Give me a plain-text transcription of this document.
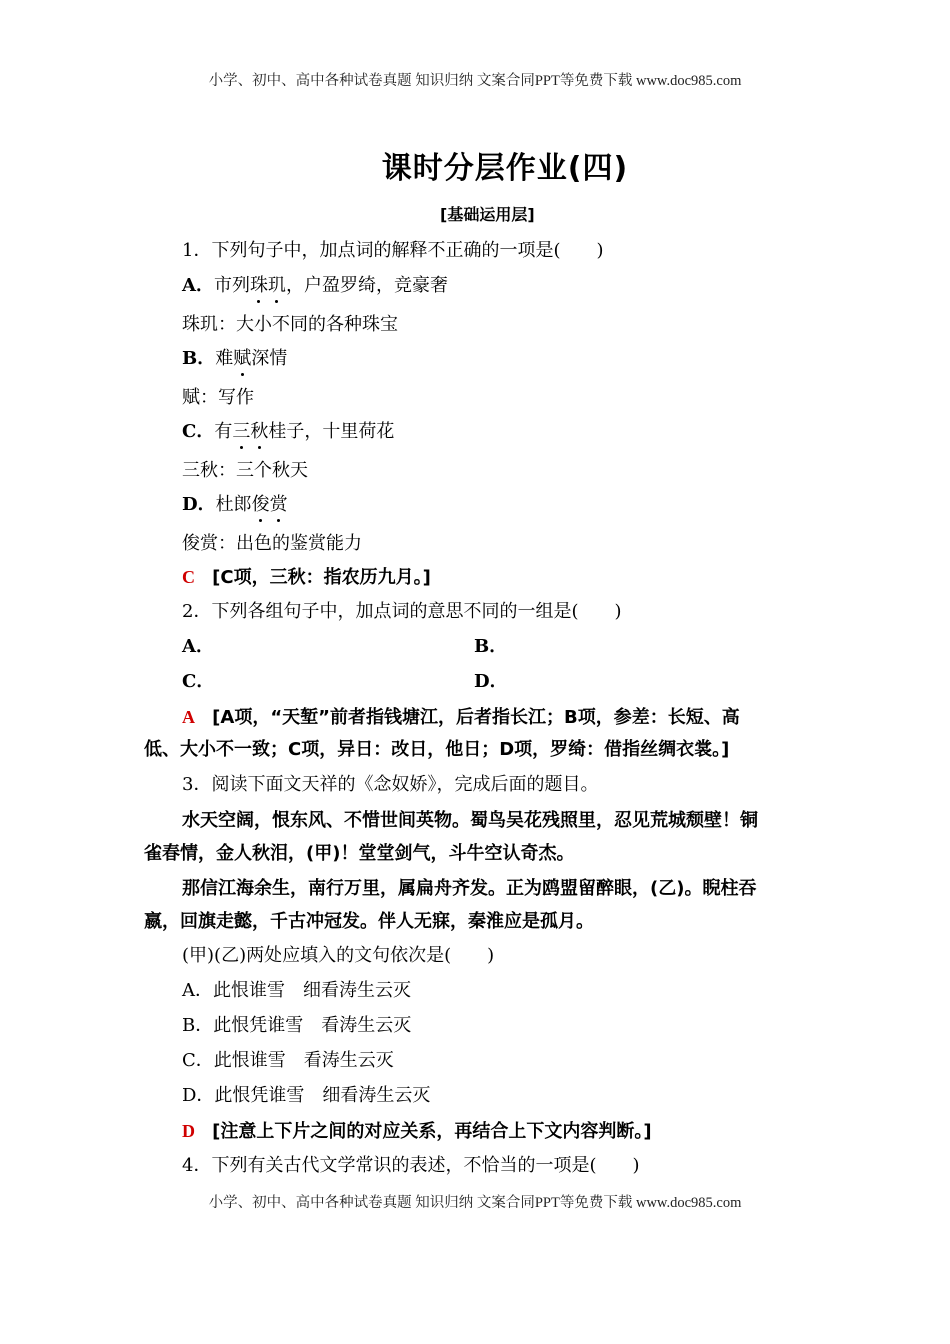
小学、初中、高中各种试卷真题 知识归纳 文案合同PPT等免费下载 www.doc985.com
课时分层作业(四)
[基础运用层]
1．下列句子中，加点词的解释不正确的一项是(　　)
A．市列珠玑，户盈罗绮，竞豪奢
珠玑：大小不同的各种珠宝
B．难赋深情
赋：写作
C．有三秋桂子，十里荷花
三秋：三个秋天
D．杜郎俊赏
俊赏：出色的鉴赏能力
C [C项，三秋：指农历九月。]
2．下列各组句子中，加点词的意思不同的一组是(　　)
A．	B．
C．	D．
A [A项，“天堑”前者指钱塘江，后者指长江；B项，参差：长短、高
低、大小不一致；C项，异日：改日，他日；D项，罗绮：借指丝绸衣裳。]
3．阅读下面文天祥的《念奴娇》，完成后面的题目。
水天空阔，恨东风、不惜世间英物。蜀鸟吴花残照里，忍见荒城颓壁！铜
雀春情，金人秋泪，(甲)！堂堂剑气，斗牛空认奇杰。
那信江海余生，南行万里，属扁舟齐发。正为鸥盟留醉眼，(乙)。睨柱吞
嬴，回旗走懿，千古冲冠发。伴人无寐，秦淮应是孤月。
(甲)(乙)两处应填入的文句依次是(　　)
A．此恨谁雪　细看涛生云灭
B．此恨凭谁雪　看涛生云灭
C．此恨谁雪　看涛生云灭
D．此恨凭谁雪　细看涛生云灭
D [注意上下片之间的对应关系，再结合上下文内容判断。]
4．下列有关古代文学常识的表述，不恰当的一项是(　　)
小学、初中、高中各种试卷真题 知识归纳 文案合同PPT等免费下载 www.doc985.com
